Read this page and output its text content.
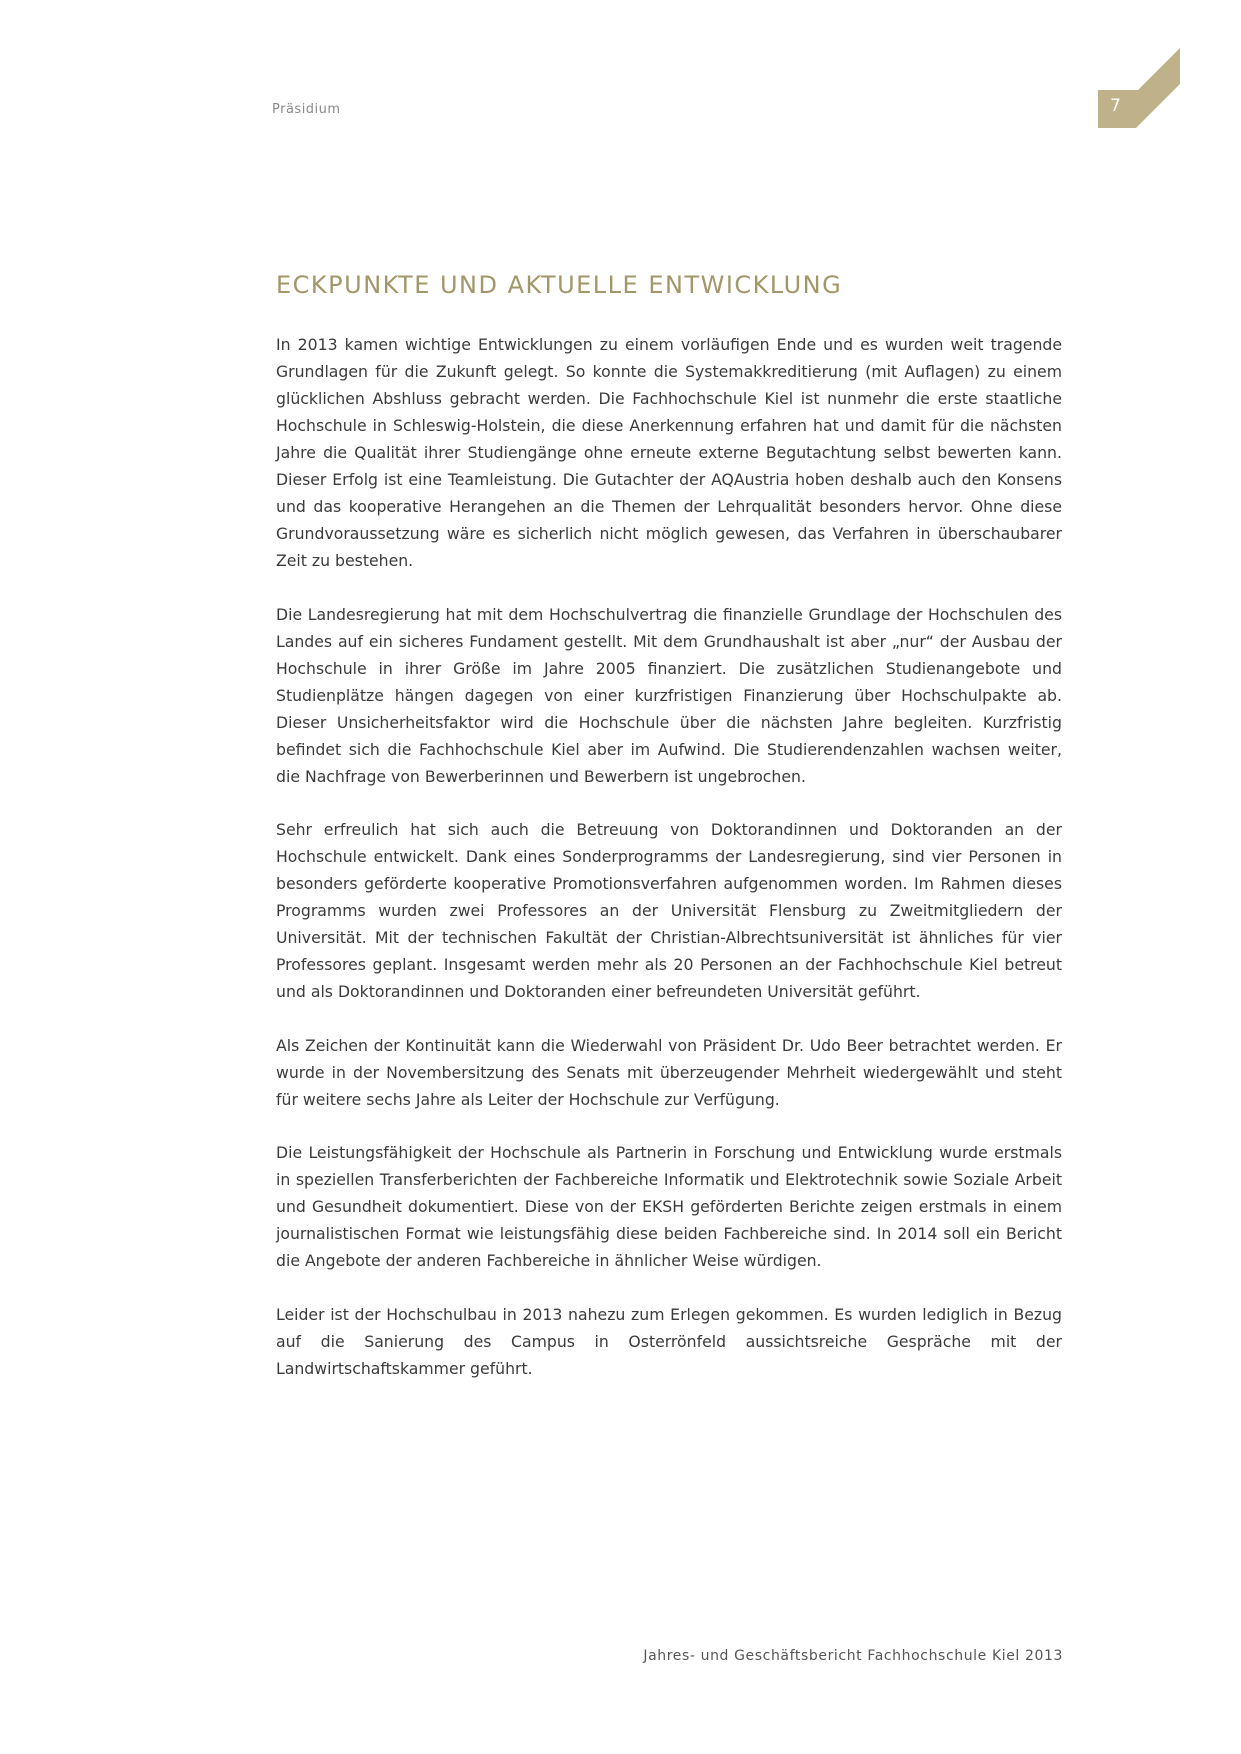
Präsidium	7
ECKPUNKTE UND AKTUELLE ENTWICKLUNG

In 2013 kamen wichtige Entwicklungen zu einem vorläufigen Ende und es wurden weit tragende Grundlagen für die Zukunft gelegt. So konnte die Systemakkreditierung (mit Auflagen) zu einem glücklichen Abshluss gebracht werden. Die Fachhochschule Kiel ist nunmehr die erste staatliche Hochschule in Schleswig-Holstein, die diese Anerkennung erfahren hat und damit für die nächsten Jahre die Qualität ihrer Studiengänge ohne erneute externe Begutachtung selbst bewerten kann. Dieser Erfolg ist eine Teamleistung. Die Gutachter der AQAustria hoben deshalb auch den Konsens und das kooperative Herangehen an die Themen der Lehrqualität besonders hervor. Ohne diese Grundvoraussetzung wäre es sicherlich nicht möglich gewesen, das Verfahren in überschaubarer Zeit zu bestehen.

Die Landesregierung hat mit dem Hochschulvertrag die finanzielle Grundlage der Hochschulen des Landes auf ein sicheres Fundament gestellt. Mit dem Grundhaushalt ist aber „nur“ der Ausbau der Hochschule in ihrer Größe im Jahre 2005 finanziert. Die zusätzlichen Studienangebote und Studienplätze hängen dagegen von einer kurzfristigen Finanzierung über Hochschulpakte ab. Dieser Unsicherheitsfaktor wird die Hochschule über die nächsten Jahre begleiten. Kurzfristig befindet sich die Fachhochschule Kiel aber im Aufwind. Die Studierendenzahlen wachsen weiter, die Nachfrage von Bewerberinnen und Bewerbern ist ungebrochen.

Sehr erfreulich hat sich auch die Betreuung von Doktorandinnen und Doktoranden an der Hochschule entwickelt. Dank eines Sonderprogramms der Landesregierung, sind vier Personen in besonders geförderte kooperative Promotionsverfahren aufgenommen worden. Im Rahmen dieses Programms wurden zwei Professores an der Universität Flensburg zu Zweitmitgliedern der Universität. Mit der technischen Fakultät der Christian-Albrechtsuniversität ist ähnliches für vier Professores geplant. Insgesamt werden mehr als 20 Personen an der Fachhochschule Kiel betreut und als Doktorandinnen und Doktoranden einer befreundeten Universität geführt.

Als Zeichen der Kontinuität kann die Wiederwahl von Präsident Dr. Udo Beer betrachtet werden. Er wurde in der Novembersitzung des Senats mit überzeugender Mehrheit wiedergewählt und steht für weitere sechs Jahre als Leiter der Hochschule zur Verfügung.

Die Leistungsfähigkeit der Hochschule als Partnerin in Forschung und Entwicklung wurde erstmals in speziellen Transferberichten der Fachbereiche Informatik und Elektrotechnik sowie Soziale Arbeit und Gesundheit dokumentiert. Diese von der EKSH geförderten Berichte zeigen erstmals in einem journalistischen Format wie leistungsfähig diese beiden Fachbereiche sind. In 2014 soll ein Bericht die Angebote der anderen Fachbereiche in ähnlicher Weise würdigen.

Leider ist der Hochschulbau in 2013 nahezu zum Erlegen gekommen. Es wurden lediglich in Bezug auf die Sanierung des Campus in Osterrönfeld aussichtsreiche Gespräche mit der Landwirtschaftskammer geführt.

Jahres- und Geschäftsbericht Fachhochschule Kiel 2013
